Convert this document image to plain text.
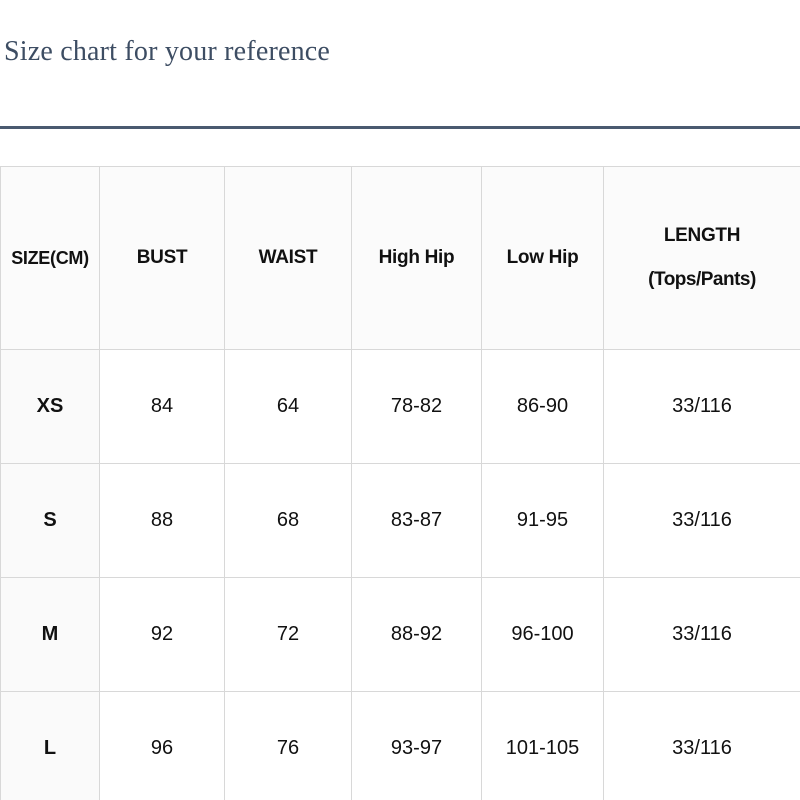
Size chart for your reference
SIZE(CM)	BUST	WAIST	High Hip	Low Hip	LENGTH
(Tops/Pants)

XS	84	64	78-82	86-90	33/116
S	88	68	83-87	91-95	33/116
M	92	72	88-92	96-100	33/116
L	96	76	93-97	101-105	33/116
